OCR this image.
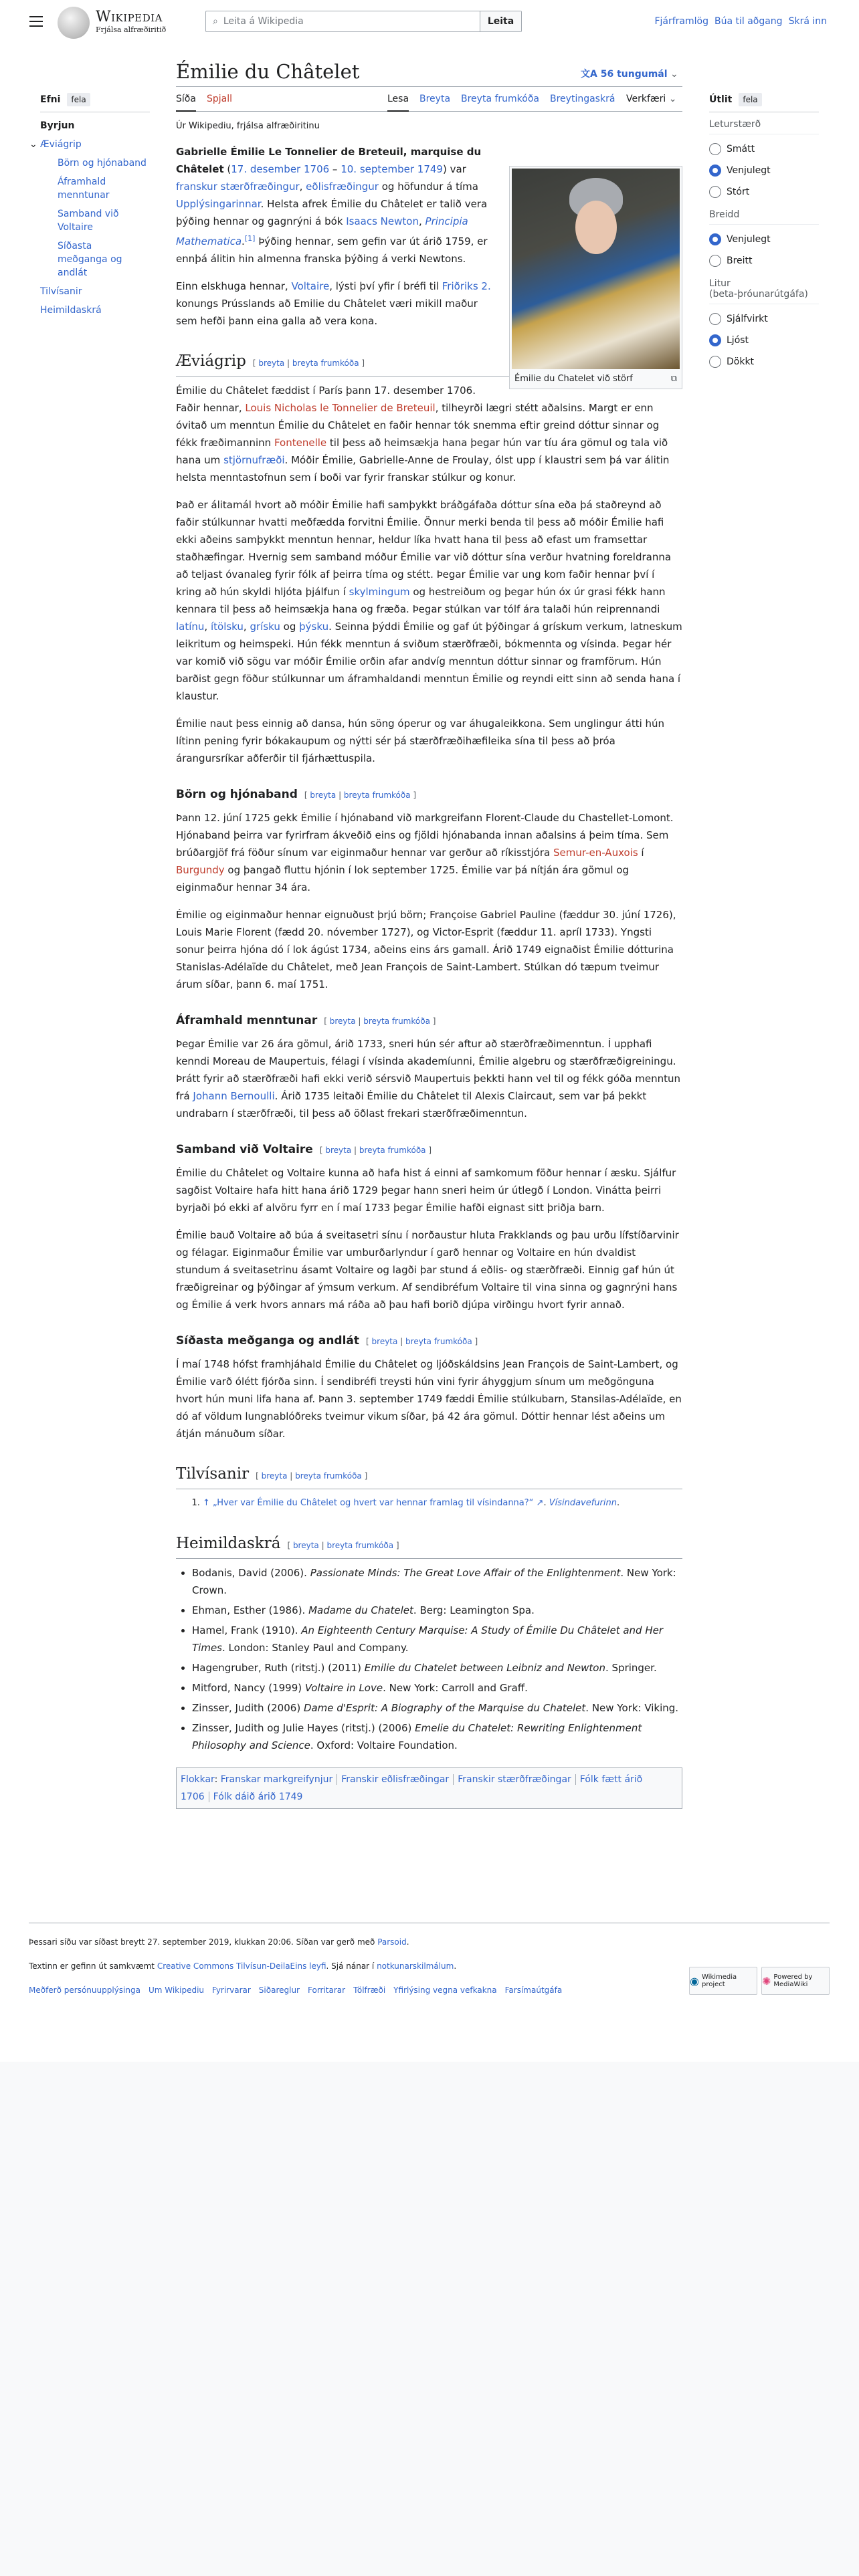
Wikipedia
Frjálsa alfræðiritið
⌕ Leita á Wikipedia	Leita	Fjárframlög Búa til aðgang Skrá inn
Émilie du Châtelet	文A 56 tungumál ⌄
Síða Spjall	Lesa Breyta Breyta frumkóða Breytingaskrá Verkfæri ⌄
Efni	fela
Byrjun
⌄ Æviágrip
Börn og hjónaband
Áframhald menntunar
Samband við Voltaire
Síðasta meðganga og andlát
Tilvísanir
Heimildaskrá
Útlit	fela
Leturstærð
Smátt
Venjulegt
Stórt
Breidd
Venjulegt
Breitt
Litur
(beta-þróunarútgáfa)
Sjálfvirkt
Ljóst
Dökkt
Úr Wikipediu, frjálsa alfræðiritinu
Émilie du Chatelet við störf	⧉

Gabrielle Émilie Le Tonnelier de Breteuil, marquise du Châtelet (17. desember 1706 – 10. september 1749) var franskur stærðfræðingur, eðlisfræðingur og höfundur á tíma Upplýsingarinnar. Helsta afrek Émilie du Châtelet er talið vera þýðing hennar og gagnrýni á bók Isaacs Newton, Principia Mathematica.[1] Þýðing hennar, sem gefin var út árið 1759, er ennþá álitin hin almenna franska þýðing á verki Newtons.

Einn elskhuga hennar, Voltaire, lýsti því yfir í bréfi til Friðriks 2. konungs Prússlands að Emilie du Châtelet væri mikill maður sem hefði þann eina galla að vera kona.

Æviágrip [ breyta | breyta frumkóða ]

Émilie du Châtelet fæddist í París þann 17. desember 1706. Faðir hennar, Louis Nicholas le Tonnelier de Breteuil, tilheyrði lægri stétt aðalsins. Margt er enn óvitað um menntun Émilie du Châtelet en faðir hennar tók snemma eftir greind dóttur sinnar og fékk fræðimanninn Fontenelle til þess að heimsækja hana þegar hún var tíu ára gömul og tala við hana um stjörnufræði. Móðir Émilie, Gabrielle-Anne de Froulay, ólst upp í klaustri sem þá var álitin helsta menntastofnun sem í boði var fyrir franskar stúlkur og konur.

Það er álitamál hvort að móðir Émilie hafi samþykkt bráðgáfaða dóttur sína eða þá staðreynd að faðir stúlkunnar hvatti meðfædda forvitni Émilie. Önnur merki benda til þess að móðir Émilie hafi ekki aðeins samþykkt menntun hennar, heldur líka hvatt hana til þess að efast um framsettar staðhæfingar. Hvernig sem samband móður Émilie var við dóttur sína verður hvatning foreldranna að teljast óvanaleg fyrir fólk af þeirra tíma og stétt. Þegar Émilie var ung kom faðir hennar því í kring að hún skyldi hljóta þjálfun í skylmingum og hestreiðum og þegar hún óx úr grasi fékk hann kennara til þess að heimsækja hana og fræða. Þegar stúlkan var tólf ára talaði hún reiprennandi latínu, ítölsku, grísku og þýsku. Seinna þýddi Émilie og gaf út þýðingar á grískum verkum, latneskum leikritum og heimspeki. Hún fékk menntun á sviðum stærðfræði, bókmennta og vísinda. Þegar hér var komið við sögu var móðir Émilie orðin afar andvíg menntun dóttur sinnar og framförum. Hún barðist gegn föður stúlkunnar um áframhaldandi menntun Émilie og reyndi eitt sinn að senda hana í klaustur.

Émilie naut þess einnig að dansa, hún söng óperur og var áhugaleikkona. Sem unglingur átti hún lítinn pening fyrir bókakaupum og nýtti sér þá stærðfræðihæfileika sína til þess að þróa árangursríkar aðferðir til fjárhættuspila.

Börn og hjónaband [ breyta | breyta frumkóða ]

Þann 12. júní 1725 gekk Émilie í hjónaband við markgreifann Florent-Claude du Chastellet-Lomont. Hjónaband þeirra var fyrirfram ákveðið eins og fjöldi hjónabanda innan aðalsins á þeim tíma. Sem brúðargjöf frá föður sínum var eiginmaður hennar var gerður að ríkisstjóra Semur-en-Auxois í Burgundy og þangað fluttu hjónin í lok september 1725. Émilie var þá nítján ára gömul og eiginmaður hennar 34 ára.

Émilie og eiginmaður hennar eignuðust þrjú börn; Françoise Gabriel Pauline (fæddur 30. júní 1726), Louis Marie Florent (fædd 20. nóvember 1727), og Victor-Esprit (fæddur 11. apríl 1733). Yngsti sonur þeirra hjóna dó í lok ágúst 1734, aðeins eins árs gamall. Árið 1749 eignaðist Émilie dótturina Stanislas-Adélaïde du Châtelet, með Jean François de Saint-Lambert. Stúlkan dó tæpum tveimur árum síðar, þann 6. maí 1751.

Áframhald menntunar [ breyta | breyta frumkóða ]

Þegar Émilie var 26 ára gömul, árið 1733, sneri hún sér aftur að stærðfræðimenntun. Í upphafi kenndi Moreau de Maupertuis, félagi í vísinda akademíunni, Émilie algebru og stærðfræðigreiningu. Þrátt fyrir að stærðfræði hafi ekki verið sérsvið Maupertuis þekkti hann vel til og fékk góða menntun frá Johann Bernoulli. Árið 1735 leitaði Émilie du Châtelet til Alexis Claircaut, sem var þá þekkt undrabarn í stærðfræði, til þess að öðlast frekari stærðfræðimenntun.

Samband við Voltaire [ breyta | breyta frumkóða ]

Émilie du Châtelet og Voltaire kunna að hafa hist á einni af samkomum föður hennar í æsku. Sjálfur sagðist Voltaire hafa hitt hana árið 1729 þegar hann sneri heim úr útlegð í London. Vinátta þeirri byrjaði þó ekki af alvöru fyrr en í maí 1733 þegar Émilie hafði eignast sitt þriðja barn.

Émilie bauð Voltaire að búa á sveitasetri sínu í norðaustur hluta Frakklands og þau urðu lífstíðarvinir og félagar. Eiginmaður Émilie var umburðarlyndur í garð hennar og Voltaire en hún dvaldist stundum á sveitasetrinu ásamt Voltaire og lagði þar stund á eðlis- og stærðfræði. Einnig gaf hún út fræðigreinar og þýðingar af ýmsum verkum. Af sendibréfum Voltaire til vina sinna og gagnrýni hans og Émilie á verk hvors annars má ráða að þau hafi borið djúpa virðingu hvort fyrir annað.

Síðasta meðganga og andlát [ breyta | breyta frumkóða ]

Í maí 1748 hófst framhjáhald Émilie du Châtelet og ljóðskáldsins Jean François de Saint-Lambert, og Émilie varð ólétt fjórða sinn. Í sendibréfi treysti hún vini fyrir áhyggjum sínum um meðgönguna hvort hún muni lifa hana af. Þann 3. september 1749 fæddi Émilie stúlkubarn, Stansilas-Adélaïde, en dó af völdum lungnablóðreks tveimur vikum síðar, þá 42 ára gömul. Dóttir hennar lést aðeins um átján mánuðum síðar.

Tilvísanir [ breyta | breyta frumkóða ]
1. ↑ „Hver var Émilie du Châtelet og hvert var hennar framlag til vísindanna?“ ↗. Vísindavefurinn.
Heimildaskrá [ breyta | breyta frumkóða ]
• Bodanis, David (2006). Passionate Minds: The Great Love Affair of the Enlightenment. New York: Crown.
• Ehman, Esther (1986). Madame du Chatelet. Berg: Leamington Spa.
• Hamel, Frank (1910). An Eighteenth Century Marquise: A Study of Émilie Du Châtelet and Her Times. London: Stanley Paul and Company.
• Hagengruber, Ruth (ritstj.) (2011) Emilie du Chatelet between Leibniz and Newton. Springer.
• Mitford, Nancy (1999) Voltaire in Love. New York: Carroll and Graff.
• Zinsser, Judith (2006) Dame d'Esprit: A Biography of the Marquise du Chatelet. New York: Viking.
• Zinsser, Judith og Julie Hayes (ritstj.) (2006) Emelie du Chatelet: Rewriting Enlightenment Philosophy and Science. Oxford: Voltaire Foundation.
Flokkar: Franskar markgreifynjur Franskir eðlisfræðingar Franskir stærðfræðingar Fólk fætt árið 1706 Fólk dáið árið 1749
Þessari síðu var síðast breytt 27. september 2019, klukkan 20:06. Síðan var gerð með Parsoid.
Textinn er gefinn út samkvæmt Creative Commons Tilvísun-DeilaEins leyfi. Sjá nánar í notkunarskilmálum.
Meðferð persónuupplýsinga Um Wikipediu Fyrirvarar Siðareglur Forritarar Tölfræði Yfirlýsing vegna vefkakna Farsímaútgáfa
◉ Wikimedia project	✺ Powered by MediaWiki
